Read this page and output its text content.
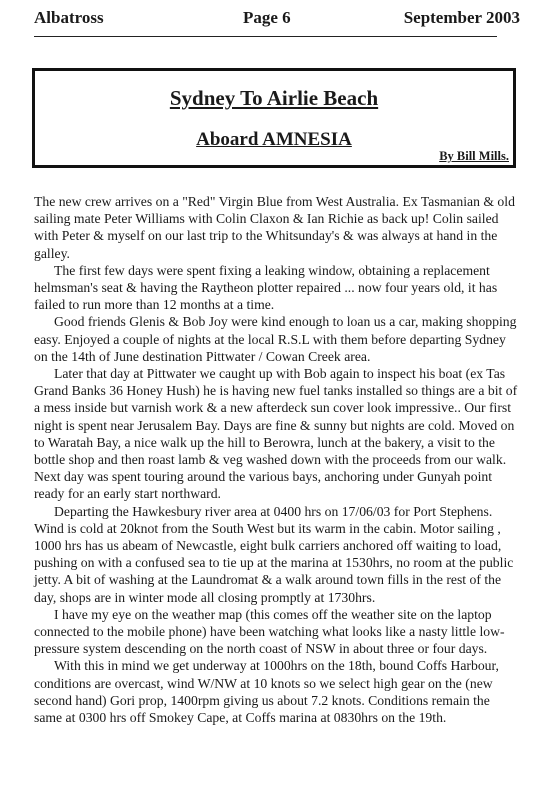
Albatross	Page 6	September 2003
Sydney To Airlie Beach
Aboard AMNESIA
By Bill Mills.

The new crew arrives on a "Red" Virgin Blue from West Australia. Ex Tasmanian & old sailing mate Peter Williams with Colin Claxon & Ian Richie as back up! Colin sailed with Peter & myself on our last trip to the Whitsunday's & was always at hand in the galley.

The first few days were spent fixing a leaking window, obtaining a replacement helmsman's seat & having the Raytheon plotter repaired ... now four years old, it has failed to run more than 12 months at a time.

Good friends Glenis & Bob Joy were kind enough to loan us a car, making shopping easy. Enjoyed a couple of nights at the local R.S.L with them before departing Sydney on the 14th of June destination Pittwater / Cowan Creek area.

Later that day at Pittwater we caught up with Bob again to inspect his boat (ex Tas Grand Banks 36 Honey Hush) he is having new fuel tanks installed so things are a bit of a mess inside but varnish work & a new afterdeck sun cover look impressive.. Our first night is spent near Jerusalem Bay. Days are fine & sunny but nights are cold. Moved on to Waratah Bay, a nice walk up the hill to Berowra, lunch at the bakery, a visit to the bottle shop and then roast lamb & veg washed down with the proceeds from our walk. Next day was spent touring around the various bays, anchoring under Gunyah point ready for an early start northward.

Departing the Hawkesbury river area at 0400 hrs on 17/06/03 for Port Stephens. Wind is cold at 20knot from the South West but its warm in the cabin. Motor sailing , 1000 hrs has us abeam of Newcastle, eight bulk carriers anchored off waiting to load, pushing on with a confused sea to tie up at the marina at 1530hrs, no room at the public jetty. A bit of washing at the Laundromat & a walk around town fills in the rest of the day, shops are in winter mode all closing promptly at 1730hrs.

I have my eye on the weather map (this comes off the weather site on the laptop connected to the mobile phone) have been watching what looks like a nasty little low-pressure system descending on the north coast of NSW in about three or four days.

With this in mind we get underway at 1000hrs on the 18th, bound Coffs Harbour, conditions are overcast, wind W/NW at 10 knots so we select high gear on the (new second hand) Gori prop, 1400rpm giving us about 7.2 knots. Conditions remain the same at 0300 hrs off Smokey Cape, at Coffs marina at 0830hrs on the 19th.
